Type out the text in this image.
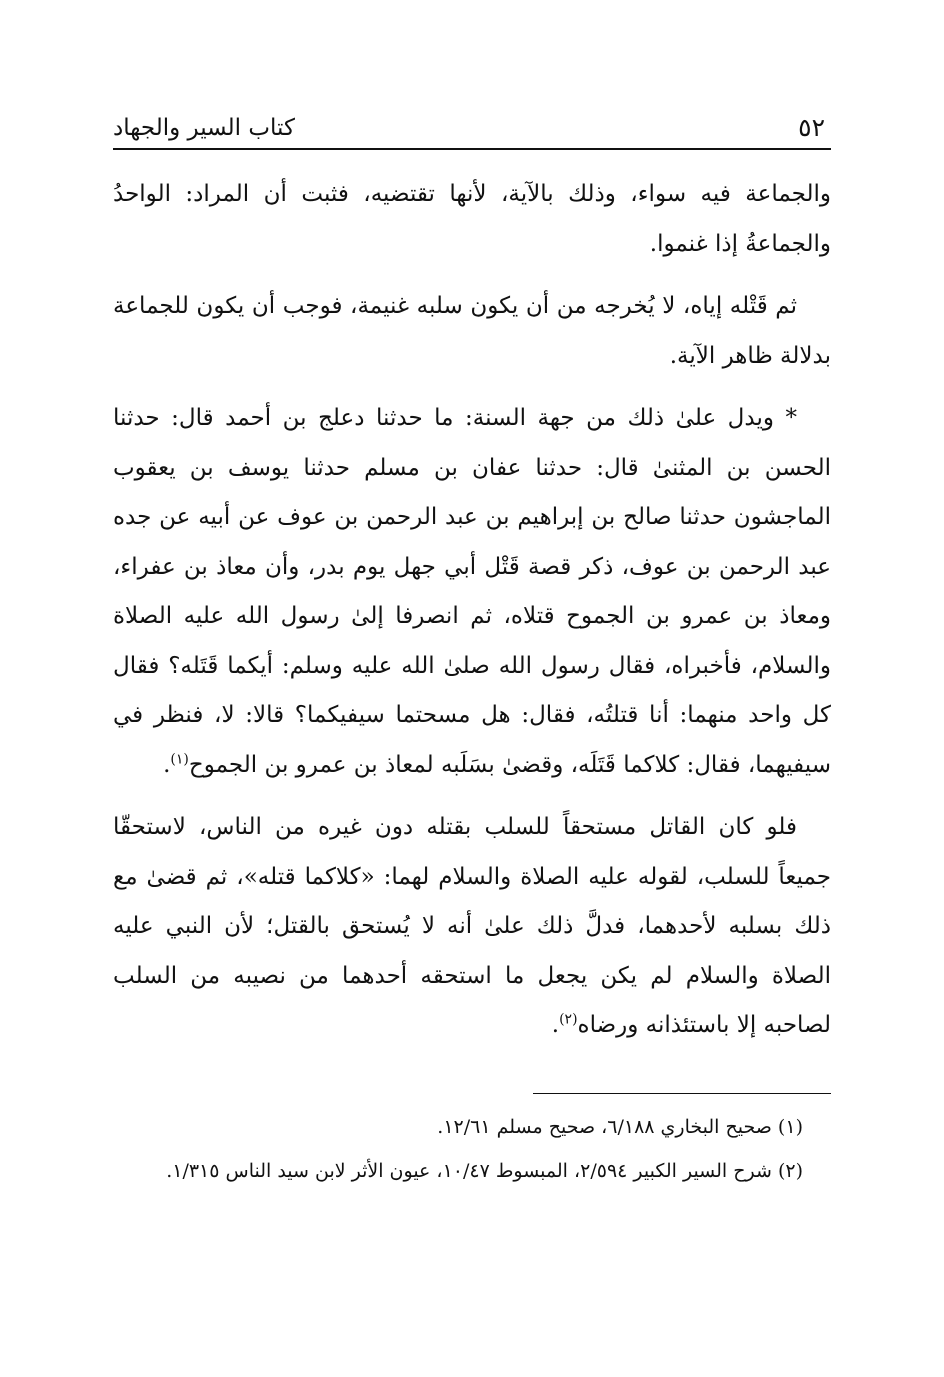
٥٢
كتاب السير والجهاد

والجماعة فيه سواء، وذلك بالآية، لأنها تقتضيه، فثبت أن المراد: الواحدُ والجماعةُ إذا غنموا.

ثم قَتْله إياه، لا يُخرجه من أن يكون سلبه غنيمة، فوجب أن يكون للجماعة بدلالة ظاهر الآية.

* ويدل علىٰ ذلك من جهة السنة: ما حدثنا دعلج بن أحمد قال: حدثنا الحسن بن المثنىٰ قال: حدثنا عفان بن مسلم حدثنا يوسف بن يعقوب الماجشون حدثنا صالح بن إبراهيم بن عبد الرحمن بن عوف عن أبيه عن جده عبد الرحمن بن عوف، ذكر قصة قَتْل أبي جهل يوم بدر، وأن معاذ بن عفراء، ومعاذ بن عمرو بن الجموح قتلاه، ثم انصرفا إلىٰ رسول الله عليه الصلاة والسلام، فأخبراه، فقال رسول الله صلىٰ الله عليه وسلم: أيكما قَتَله؟ فقال كل واحد منهما: أنا قتلتُه، فقال: هل مسحتما سيفيكما؟ قالا: لا، فنظر في سيفيهما، فقال: كلاكما قَتَلَه، وقضىٰ بسَلَبه لمعاذ بن عمرو بن الجموح$^{(١)}$.

فلو كان القاتل مستحقاً للسلب بقتله دون غيره من الناس، لاستحقّا جميعاً للسلب، لقوله عليه الصلاة والسلام لهما: «كلاكما قتله»، ثم قضىٰ مع ذلك بسلبه لأحدهما، فدلَّ ذلك علىٰ أنه لا يُستحق بالقتل؛ لأن النبي عليه الصلاة والسلام لم يكن يجعل ما استحقه أحدهما من نصيبه من السلب لصاحبه إلا باستئذانه ورضاه$^{(٢)}$.

(١) صحيح البخاري ٦/١٨٨، صحيح مسلم ١٢/٦١.

(٢) شرح السير الكبير ٢/٥٩٤، المبسوط ١٠/٤٧، عيون الأثر لابن سيد الناس ١/٣١٥.
